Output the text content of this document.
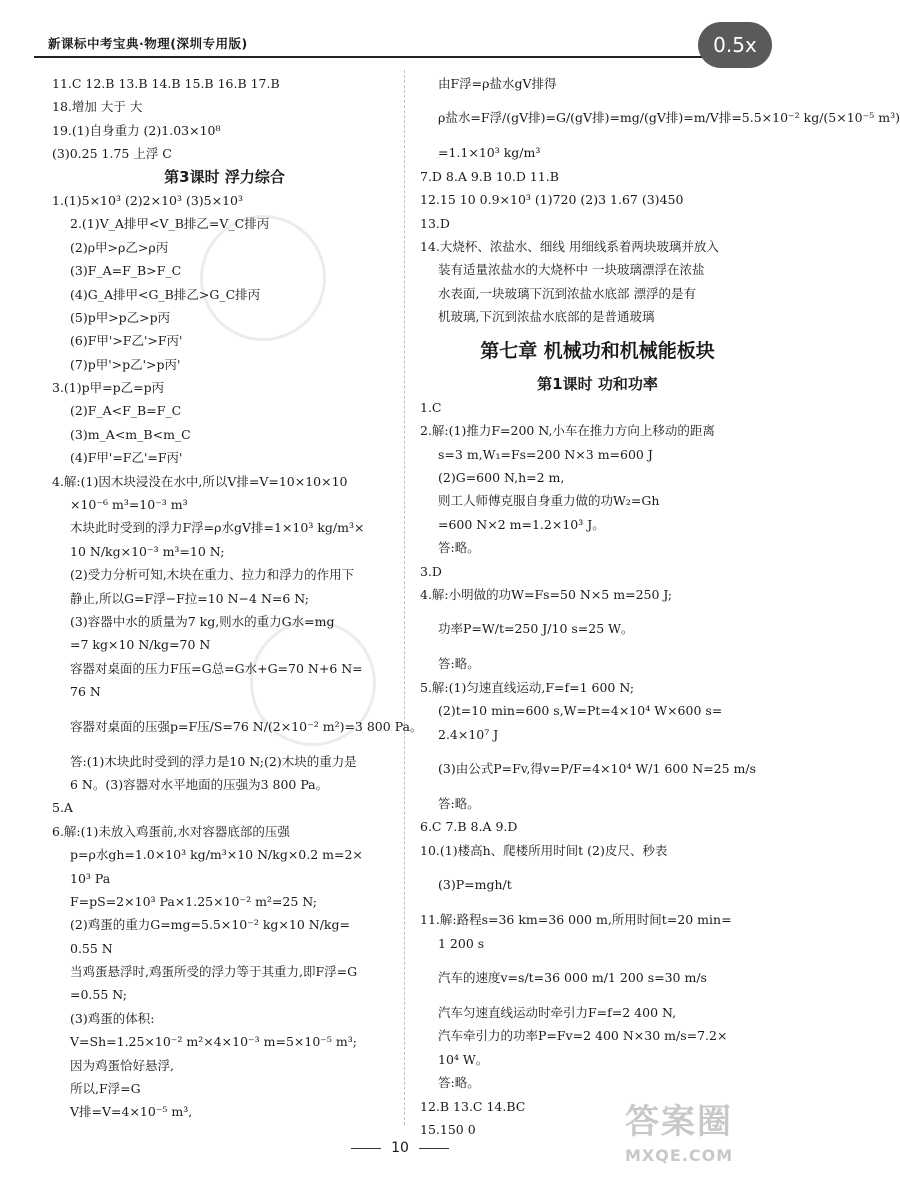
新课标中考宝典·物理(深圳专用版)	0.5x
11.C 12.B 13.B 14.B 15.B 16.B 17.B
18.增加 大于 大
19.(1)自身重力 (2)1.03×10⁸
(3)0.25 1.75 上浮 C
第3课时 浮力综合
1.(1)5×10³ (2)2×10³ (3)5×10³
2.(1)V_A排甲<V_B排乙=V_C排丙
(2)ρ甲>ρ乙>ρ丙
(3)F_A=F_B>F_C
(4)G_A排甲<G_B排乙>G_C排丙
(5)p甲>p乙>p丙
(6)F甲'>F乙'>F丙'
(7)p甲'>p乙'>p丙'
3.(1)p甲=p乙=p丙
(2)F_A<F_B=F_C
(3)m_A<m_B<m_C
(4)F甲'=F乙'=F丙'
4.解:(1)因木块浸没在水中,所以V排=V=10×10×10
×10⁻⁶ m³=10⁻³ m³
木块此时受到的浮力F浮=ρ水gV排=1×10³ kg/m³×
10 N/kg×10⁻³ m³=10 N;
(2)受力分析可知,木块在重力、拉力和浮力的作用下
静止,所以G=F浮−F拉=10 N−4 N=6 N;
(3)容器中水的质量为7 kg,则水的重力G水=mg
=7 kg×10 N/kg=70 N
容器对桌面的压力F压=G总=G水+G=70 N+6 N=
76 N
容器对桌面的压强p=F压/S=76 N/(2×10⁻² m²)=3 800 Pa。
答:(1)木块此时受到的浮力是10 N;(2)木块的重力是
6 N。(3)容器对水平地面的压强为3 800 Pa。
5.A
6.解:(1)未放入鸡蛋前,水对容器底部的压强
p=ρ水gh=1.0×10³ kg/m³×10 N/kg×0.2 m=2×
10³ Pa
F=pS=2×10³ Pa×1.25×10⁻² m²=25 N;
(2)鸡蛋的重力G=mg=5.5×10⁻² kg×10 N/kg=
0.55 N
当鸡蛋悬浮时,鸡蛋所受的浮力等于其重力,即F浮=G
=0.55 N;
(3)鸡蛋的体积:
V=Sh=1.25×10⁻² m²×4×10⁻³ m=5×10⁻⁵ m³;
因为鸡蛋恰好悬浮,
所以,F浮=G
V排=V=4×10⁻⁵ m³,
由F浮=ρ盐水gV排得
ρ盐水=F浮/(gV排)=G/(gV排)=mg/(gV排)=m/V排=5.5×10⁻² kg/(5×10⁻⁵ m³)
=1.1×10³ kg/m³
7.D 8.A 9.B 10.D 11.B
12.15 10 0.9×10³ (1)720 (2)3 1.67 (3)450
13.D
14.大烧杯、浓盐水、细线 用细线系着两块玻璃并放入
装有适量浓盐水的大烧杯中 一块玻璃漂浮在浓盐
水表面,一块玻璃下沉到浓盐水底部 漂浮的是有
机玻璃,下沉到浓盐水底部的是普通玻璃
第七章 机械功和机械能板块
第1课时 功和功率
1.C
2.解:(1)推力F=200 N,小车在推力方向上移动的距离
s=3 m,W₁=Fs=200 N×3 m=600 J
(2)G=600 N,h=2 m,
则工人师傅克服自身重力做的功W₂=Gh
=600 N×2 m=1.2×10³ J。
答:略。
3.D
4.解:小明做的功W=Fs=50 N×5 m=250 J;
功率P=W/t=250 J/10 s=25 W。
答:略。
5.解:(1)匀速直线运动,F=f=1 600 N;
(2)t=10 min=600 s,W=Pt=4×10⁴ W×600 s=
2.4×10⁷ J
(3)由公式P=Fv,得v=P/F=4×10⁴ W/1 600 N=25 m/s
答:略。
6.C 7.B 8.A 9.D
10.(1)楼高h、爬楼所用时间t (2)皮尺、秒表
(3)P=mgh/t
11.解:路程s=36 km=36 000 m,所用时间t=20 min=
1 200 s
汽车的速度v=s/t=36 000 m/1 200 s=30 m/s
汽车匀速直线运动时牵引力F=f=2 400 N,
汽车牵引力的功率P=Fv=2 400 N×30 m/s=7.2×
10⁴ W。
答:略。
12.B 13.C 14.BC
15.150 0
10
答案圈
MXQE.COM
